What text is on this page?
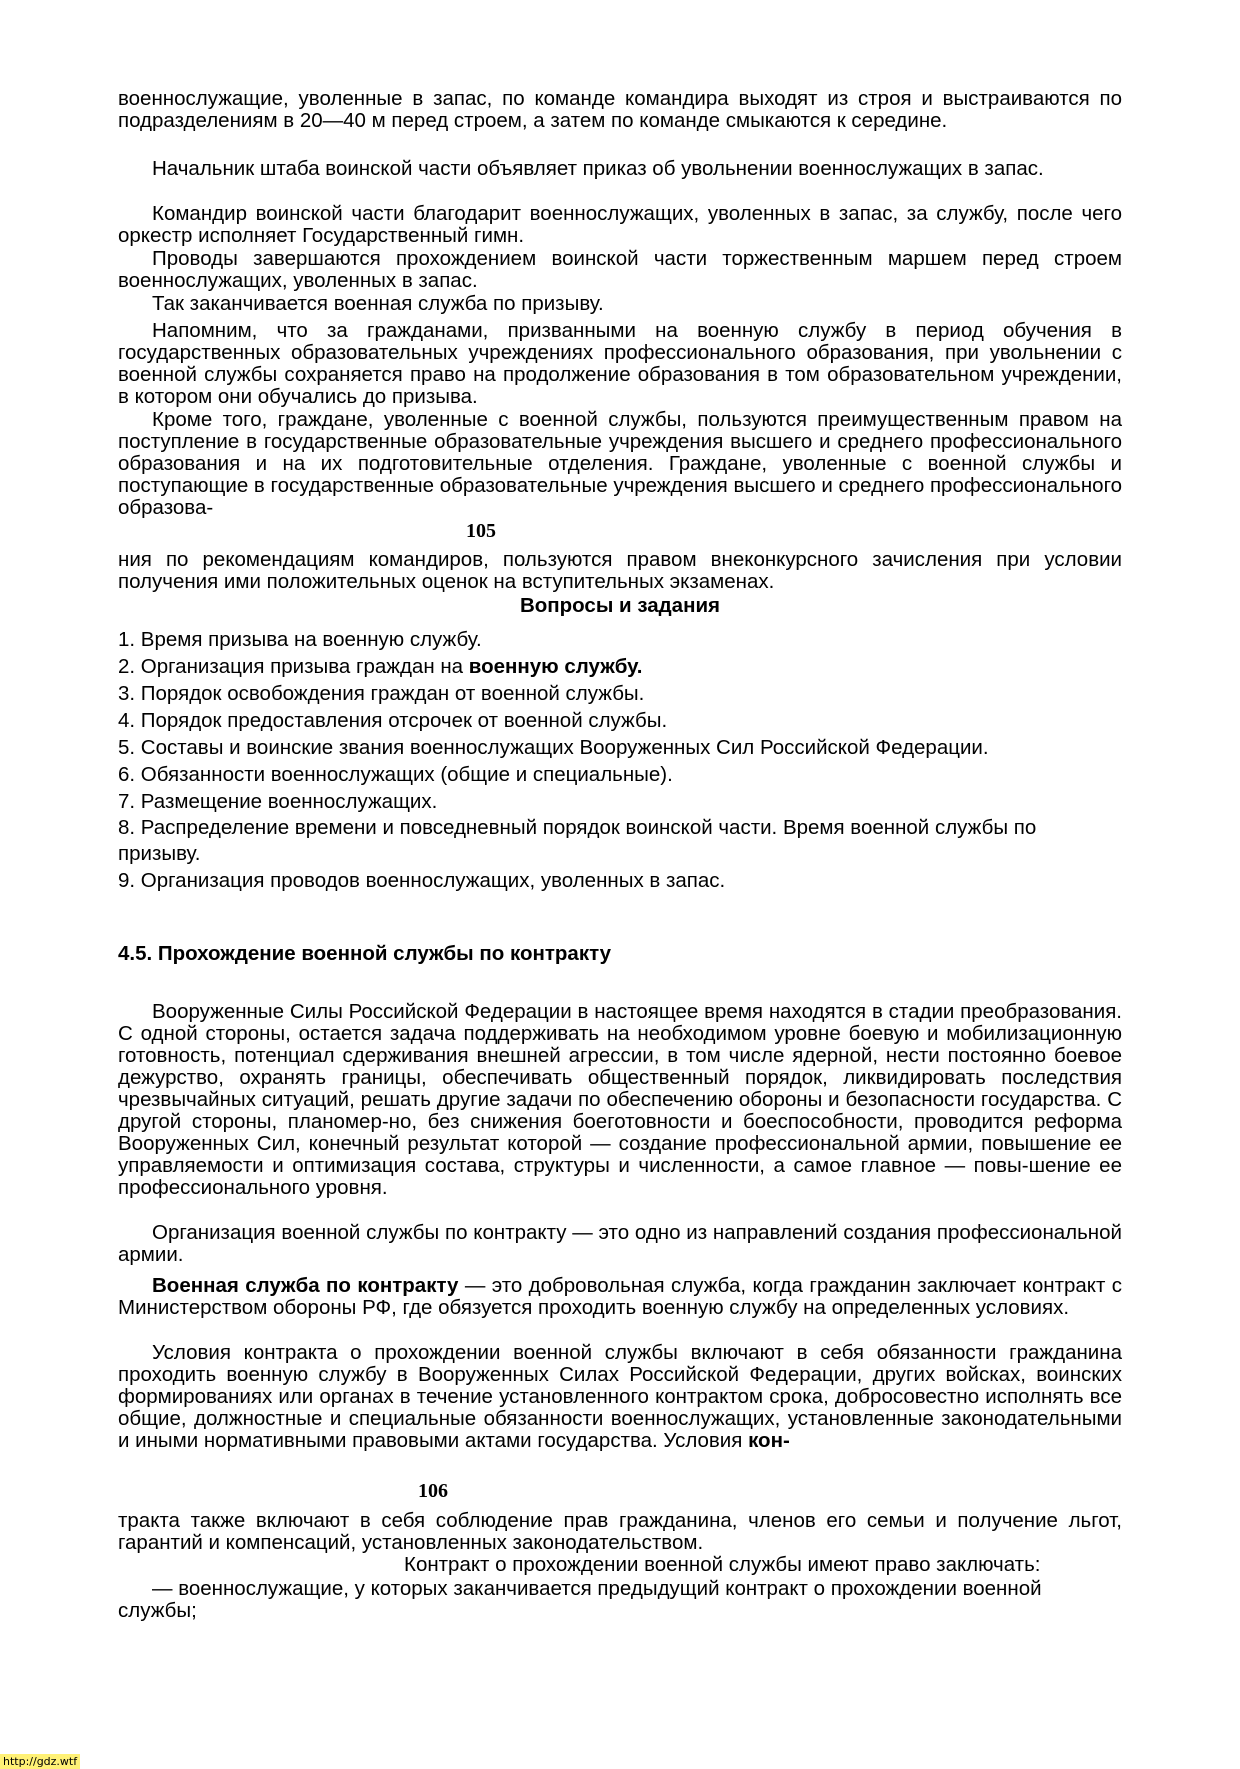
военнослужащие, уволенные в запас, по команде командира выходят из строя и выстраиваются по подразделениям в 20—40 м перед строем, а затем по команде смыкаются к середине.

Начальник штаба воинской части объявляет приказ об увольнении военнослужащих в запас.

Командир воинской части благодарит военнослужащих, уволенных в запас, за службу, после чего оркестр исполняет Государственный гимн.

Проводы завершаются прохождением воинской части торжественным маршем перед строем военнослужащих, уволенных в запас.

Так заканчивается военная служба по призыву.

Напомним, что за гражданами, призванными на военную службу в период обучения в государственных образовательных учреждениях профессионального образования, при увольнении с военной службы сохраняется право на продолжение образования в том образовательном учреждении, в котором они обучались до призыва.

Кроме того, граждане, уволенные с военной службы, пользуются преимущественным правом на поступление в государственные образовательные учреждения высшего и среднего профессионального образования и на их подготовительные отделения. Граждане, уволенные с военной службы и поступающие в государственные образовательные учреждения высшего и среднего профессионального образова-

105

ния по рекомендациям командиров, пользуются правом внеконкурсного зачисления при условии получения ими положительных оценок на вступительных экзаменах.

Вопросы и задания
1. Время призыва на военную службу.
2. Организация призыва граждан на военную службу.
3. Порядок освобождения граждан от военной службы.
4. Порядок предоставления отсрочек от военной службы.
5. Составы и воинские звания военнослужащих Вооруженных Сил Российской Федерации.
6. Обязанности военнослужащих (общие и специальные).
7. Размещение военнослужащих.
8. Распределение времени и повседневный порядок воинской части. Время военной службы по призыву.
9. Организация проводов военнослужащих, уволенных в запас.
4.5. Прохождение военной службы по контракту

Вооруженные Силы Российской Федерации в настоящее время находятся в стадии преобразования. С одной стороны, остается задача поддерживать на необходимом уровне боевую и мобилизационную готовность, потенциал сдерживания внешней агрессии, в том числе ядерной, нести постоянно боевое дежурство, охранять границы, обеспечивать общественный порядок, ликвидировать последствия чрезвычайных ситуаций, решать другие задачи по обеспечению обороны и безопасности государства. С другой стороны, планомер-но, без снижения боеготовности и боеспособности, проводится реформа Вооруженных Сил, конечный результат которой — создание профессиональной армии, повышение ее управляемости и оптимизация состава, структуры и численности, а самое главное — повы-шение ее профессионального уровня.

Организация военной службы по контракту — это одно из направлений создания профессиональной армии.

Военная служба по контракту — это добровольная служба, когда гражданин заключает контракт с Министерством обороны РФ, где обязуется проходить военную службу на определенных условиях.

Условия контракта о прохождении военной службы включают в себя обязанности гражданина проходить военную службу в Вооруженных Силах Российской Федерации, других войсках, воинских формированиях или органах в течение установленного контрактом срока, добросовестно исполнять все общие, должностные и специальные обязанности военнослужащих, установленные законодательными и иными нормативными правовыми актами государства. Условия кон-

106

тракта также включают в себя соблюдение прав гражданина, членов его семьи и получение льгот, гарантий и компенсаций, установленных законодательством.

Контракт о прохождении военной службы имеют право заключать:

— военнослужащие, у которых заканчивается предыдущий контракт о прохождении военной службы;

http://gdz.wtf
